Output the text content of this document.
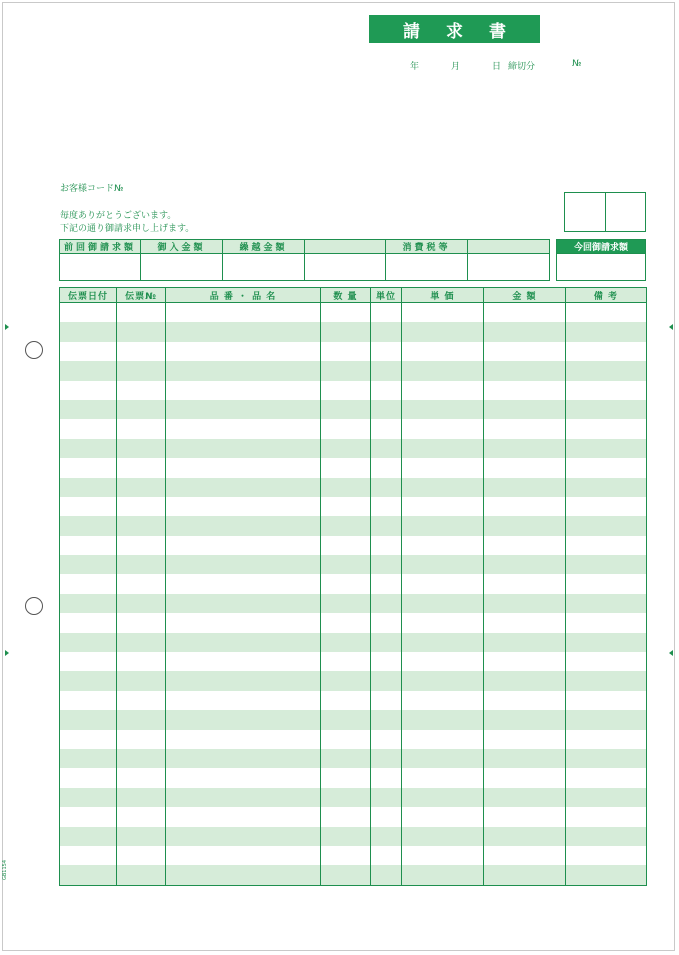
請求書
年	月	日 締切分	№
お客様コード№
毎度ありがとうございます。
下記の通り御請求申し上げます。
前回御請求額	御入金額	繰越金額		消費税等	
						今回御請求額

伝票日付	伝票№	品 番 ・ 品 名	数 量	単位	単 価	金 額	備 考

GB1154
